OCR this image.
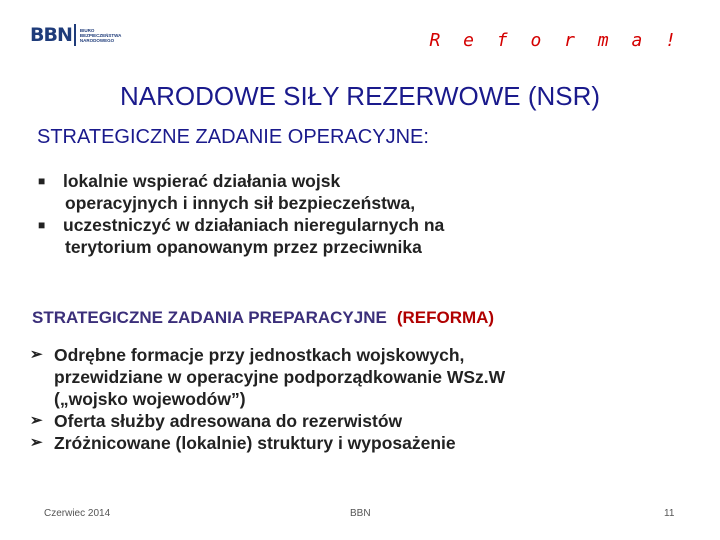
BBN BIURO
BEZPIECZEŃSTWA
NARODOWEGO	R e f o r m a !
NARODOWE SIŁY REZERWOWE (NSR)
STRATEGICZNE ZADANIE OPERACYJNE:
■ lokalnie wspierać działania wojsk
operacyjnych i innych sił bezpieczeństwa,
■ uczestniczyć w działaniach nieregularnych na
terytorium opanowanym przez przeciwnika
STRATEGICZNE ZADANIA PREPARACYJNE (REFORMA)
➢ Odrębne formacje przy jednostkach wojskowych,
przewidziane w operacyjne podporządkowanie WSz.W
(„wojsko wojewodów”)
➢ Oferta służby adresowana do rezerwistów
➢ Zróżnicowane (lokalnie) struktury i wyposażenie
Czerwiec 2014	BBN	11
